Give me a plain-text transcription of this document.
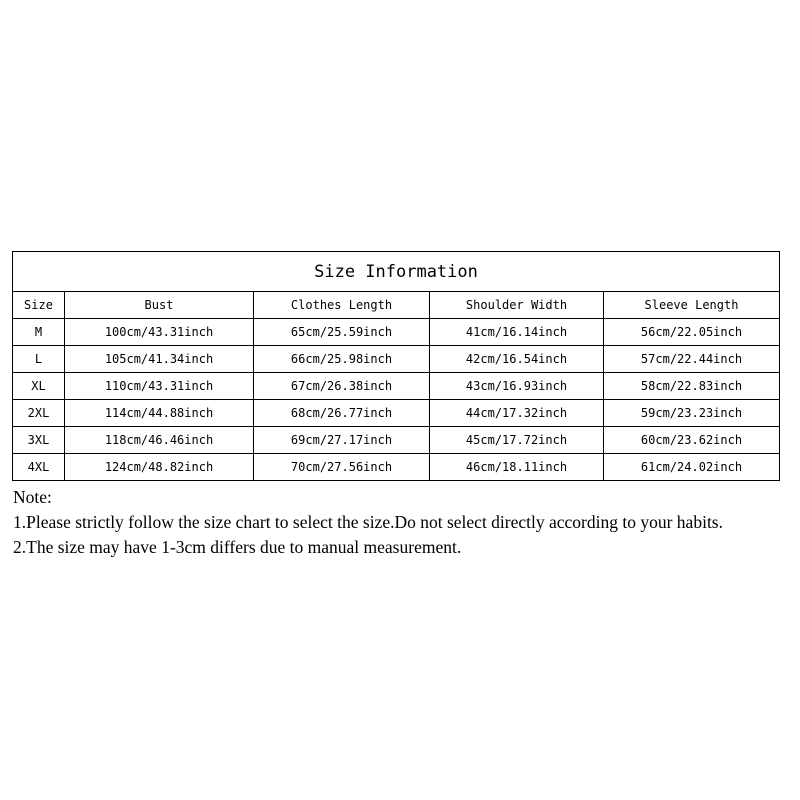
Size Information				
Size	Bust	Clothes Length	Shoulder Width	Sleeve Length
M	100cm/43.31inch	65cm/25.59inch	41cm/16.14inch	56cm/22.05inch
L	105cm/41.34inch	66cm/25.98inch	42cm/16.54inch	57cm/22.44inch
XL	110cm/43.31inch	67cm/26.38inch	43cm/16.93inch	58cm/22.83inch
2XL	114cm/44.88inch	68cm/26.77inch	44cm/17.32inch	59cm/23.23inch
3XL	118cm/46.46inch	69cm/27.17inch	45cm/17.72inch	60cm/23.62inch
4XL	124cm/48.82inch	70cm/27.56inch	46cm/18.11inch	61cm/24.02inch
Note:
1.Please strictly follow the size chart to select the size.Do not select directly according to your habits.
2.The size may have 1-3cm differs due to manual measurement.
